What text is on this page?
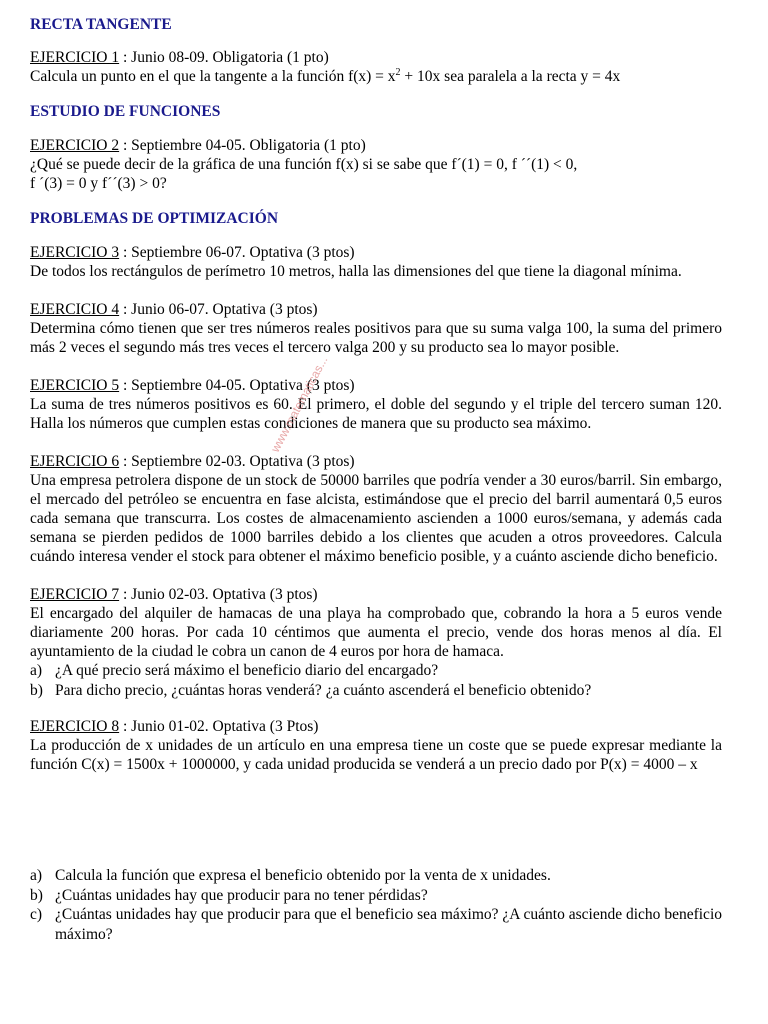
RECTA TANGENTE

EJERCICIO 1 : Junio 08-09. Obligatoria (1 pto)

Calcula un punto en el que la tangente a la función $f(x) = x^2 + 10x$ sea paralela a la recta y = 4x

ESTUDIO DE FUNCIONES

EJERCICIO 2 : Septiembre 04-05. Obligatoria (1 pto)

¿Qué se puede decir de la gráfica de una función f(x) si se sabe que f´(1) = 0, f ´´(1) < 0,

f ´(3) = 0 y f´´(3) > 0?

PROBLEMAS DE OPTIMIZACIÓN

EJERCICIO 3 : Septiembre 06-07. Optativa (3 ptos)

De todos los rectángulos de perímetro 10 metros, halla las dimensiones del que tiene la diagonal mínima.

EJERCICIO 4 : Junio 06-07. Optativa (3 ptos)

Determina cómo tienen que ser tres números reales positivos para que su suma valga 100, la suma del primero más 2 veces el segundo más tres veces el tercero valga 200 y su producto sea lo mayor posible.

EJERCICIO 5 : Septiembre 04-05. Optativa (3 ptos)

La suma de tres números positivos es 60. El primero, el doble del segundo y el triple del tercero suman 120. Halla los números que cumplen estas condiciones de manera que su producto sea máximo.

EJERCICIO 6 : Septiembre 02-03. Optativa (3 ptos)

Una empresa petrolera dispone de un stock de 50000 barriles que podría vender a 30 euros/barril. Sin embargo, el mercado del petróleo se encuentra en fase alcista, estimándose que el precio del barril aumentará 0,5 euros cada semana que transcurra. Los costes de almacenamiento ascienden a 1000 euros/semana, y además cada semana se pierden pedidos de 1000 barriles debido a los clientes que acuden a otros proveedores. Calcula cuándo interesa vender el stock para obtener el máximo beneficio posible, y a cuánto asciende dicho beneficio.

EJERCICIO 7 : Junio 02-03. Optativa (3 ptos)

El encargado del alquiler de hamacas de una playa ha comprobado que, cobrando la hora a 5 euros vende diariamente 200 horas. Por cada 10 céntimos que aumenta el precio, vende dos horas menos al día. El ayuntamiento de la ciudad le cobra un canon de 4 euros por hora de hamaca.

a) ¿A qué precio será máximo el beneficio diario del encargado?
b) Para dicho precio, ¿cuántas horas venderá? ¿a cuánto ascenderá el beneficio obtenido?

EJERCICIO 8 : Junio 01-02. Optativa (3 Ptos)

La producción de x unidades de un artículo en una empresa tiene un coste que se puede expresar mediante la función C(x) = 1500x + 1000000, y cada unidad producida se venderá a un precio dado por P(x) = 4000 – x

a) Calcula la función que expresa el beneficio obtenido por la venta de x unidades.
b) ¿Cuántas unidades hay que producir para no tener pérdidas?
c) ¿Cuántas unidades hay que producir para que el beneficio sea máximo? ¿A cuánto asciende dicho beneficio máximo?
www.matematicas...
